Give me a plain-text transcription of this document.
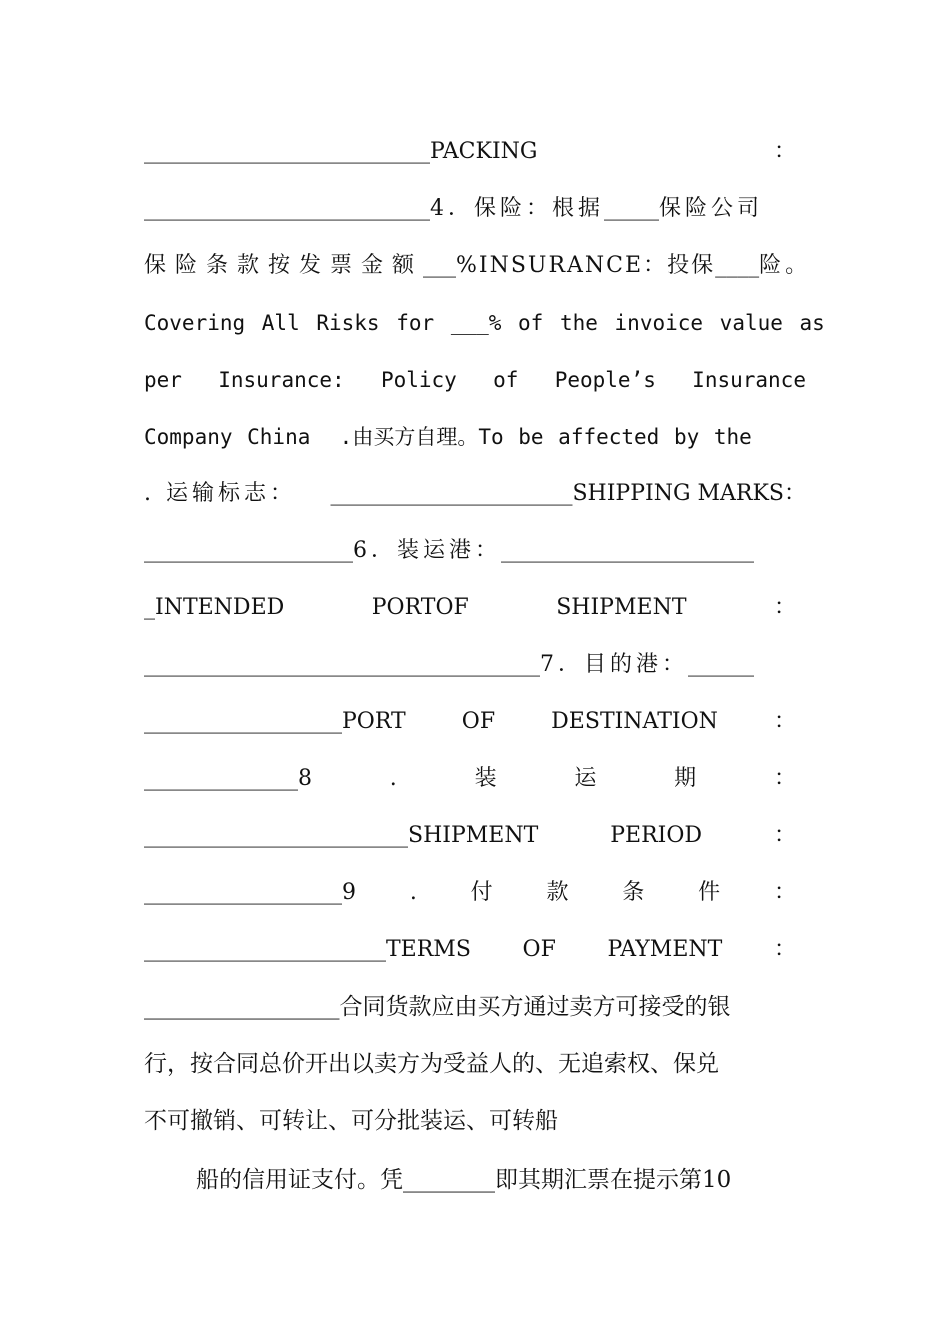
__________________________PACKING	：
__________________________4．保险：根据_____保险公司
保险条款按发票金额___%INSURANCE：投保____ 险。
Covering All Risks for ___% of the invoice value as
per Insurance: Policy of People’s Insurance
Company China .由买方自理。To be affected by the
. 运输标志： ______________________SHIPPING MARKS：
___________________6．装运港：_______________________
_INTENDED	PORTOF	SHIPMENT	：
____________________________________7．目的港：______
__________________PORT	OF	DESTINATION	：
______________8	.	装	运	期	：
________________________SHIPMENT	PERIOD	：
__________________9 . 付 款 条 件 ：
______________________TERMS OF PAYMENT ：
_________________合同货款应由买方通过卖方可接受的银
行，按合同总价开出以卖方为受益人的、无追索权、保兑
不可撤销、可转让、可分批装运、可转船
船的信用证支付。凭________即其期汇票在提示第10
